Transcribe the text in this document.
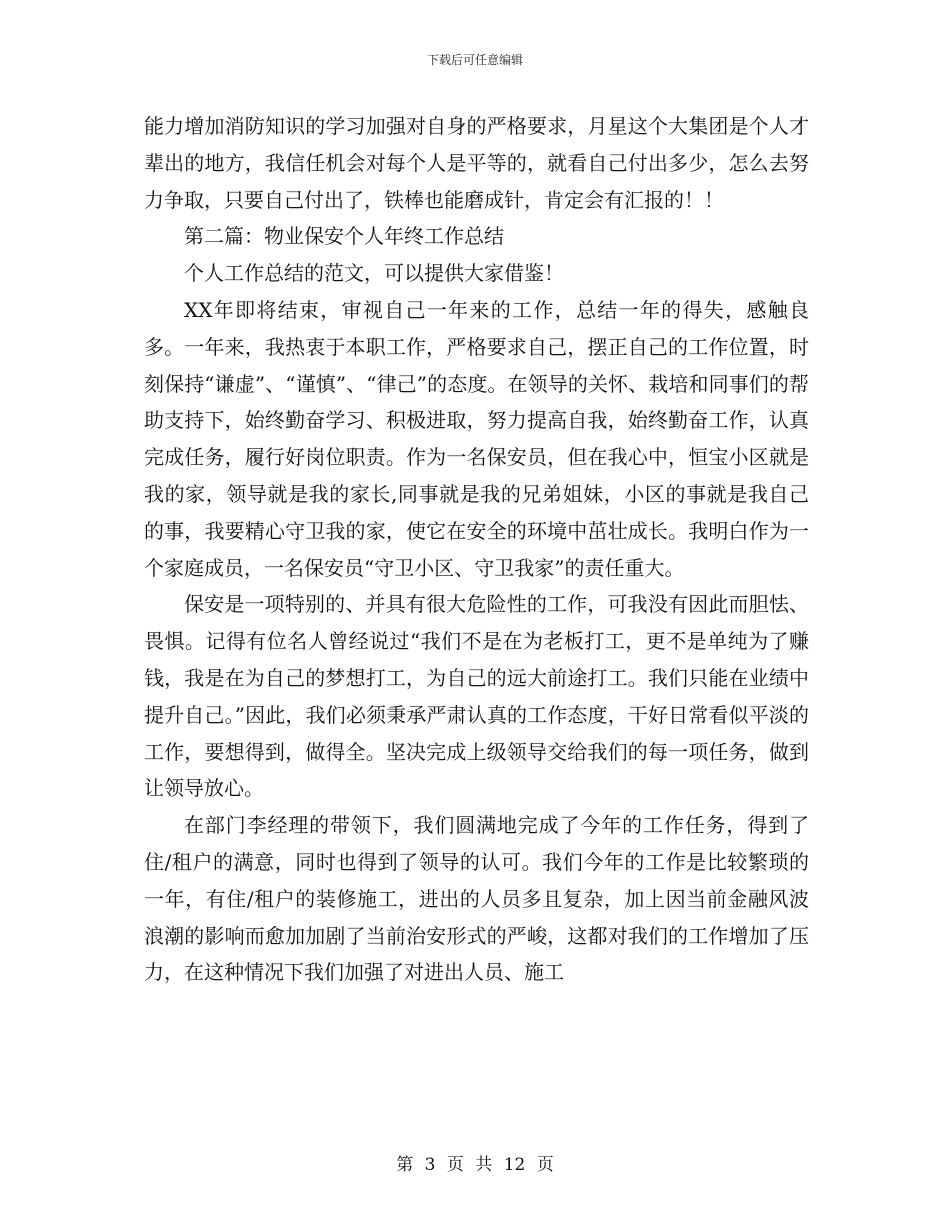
下载后可任意编辑

能力增加消防知识的学习加强对自身的严格要求，月星这个大集团是个人才辈出的地方，我信任机会对每个人是平等的，就看自己付出多少，怎么去努力争取，只要自己付出了，铁棒也能磨成针，肯定会有汇报的！！

第二篇：物业保安个人年终工作总结

个人工作总结的范文，可以提供大家借鉴！

XX年即将结束，审视自己一年来的工作，总结一年的得失，感触良多。一年来，我热衷于本职工作，严格要求自己，摆正自己的工作位置，时刻保持“谦虚”、“谨慎”、“律己”的态度。在领导的关怀、栽培和同事们的帮助支持下，始终勤奋学习、积极进取，努力提高自我，始终勤奋工作，认真完成任务，履行好岗位职责。作为一名保安员，但在我心中，恒宝小区就是我的家，领导就是我的家长,同事就是我的兄弟姐妹，小区的事就是我自己的事，我要精心守卫我的家，使它在安全的环境中茁壮成长。我明白作为一个家庭成员，一名保安员“守卫小区、守卫我家”的责任重大。

保安是一项特别的、并具有很大危险性的工作，可我没有因此而胆怯、畏惧。记得有位名人曾经说过“我们不是在为老板打工，更不是单纯为了赚钱，我是在为自己的梦想打工，为自己的远大前途打工。我们只能在业绩中提升自己。”因此，我们必须秉承严肃认真的工作态度，干好日常看似平淡的工作，要想得到，做得全。坚决完成上级领导交给我们的每一项任务，做到让领导放心。

在部门李经理的带领下，我们圆满地完成了今年的工作任务，得到了住/租户的满意，同时也得到了领导的认可。我们今年的工作是比较繁琐的一年，有住/租户的装修施工，进出的人员多且复杂，加上因当前金融风波浪潮的影响而愈加加剧了当前治安形式的严峻，这都对我们的工作增加了压力，在这种情况下我们加强了对进出人员、施工

第 3 页 共 12 页
